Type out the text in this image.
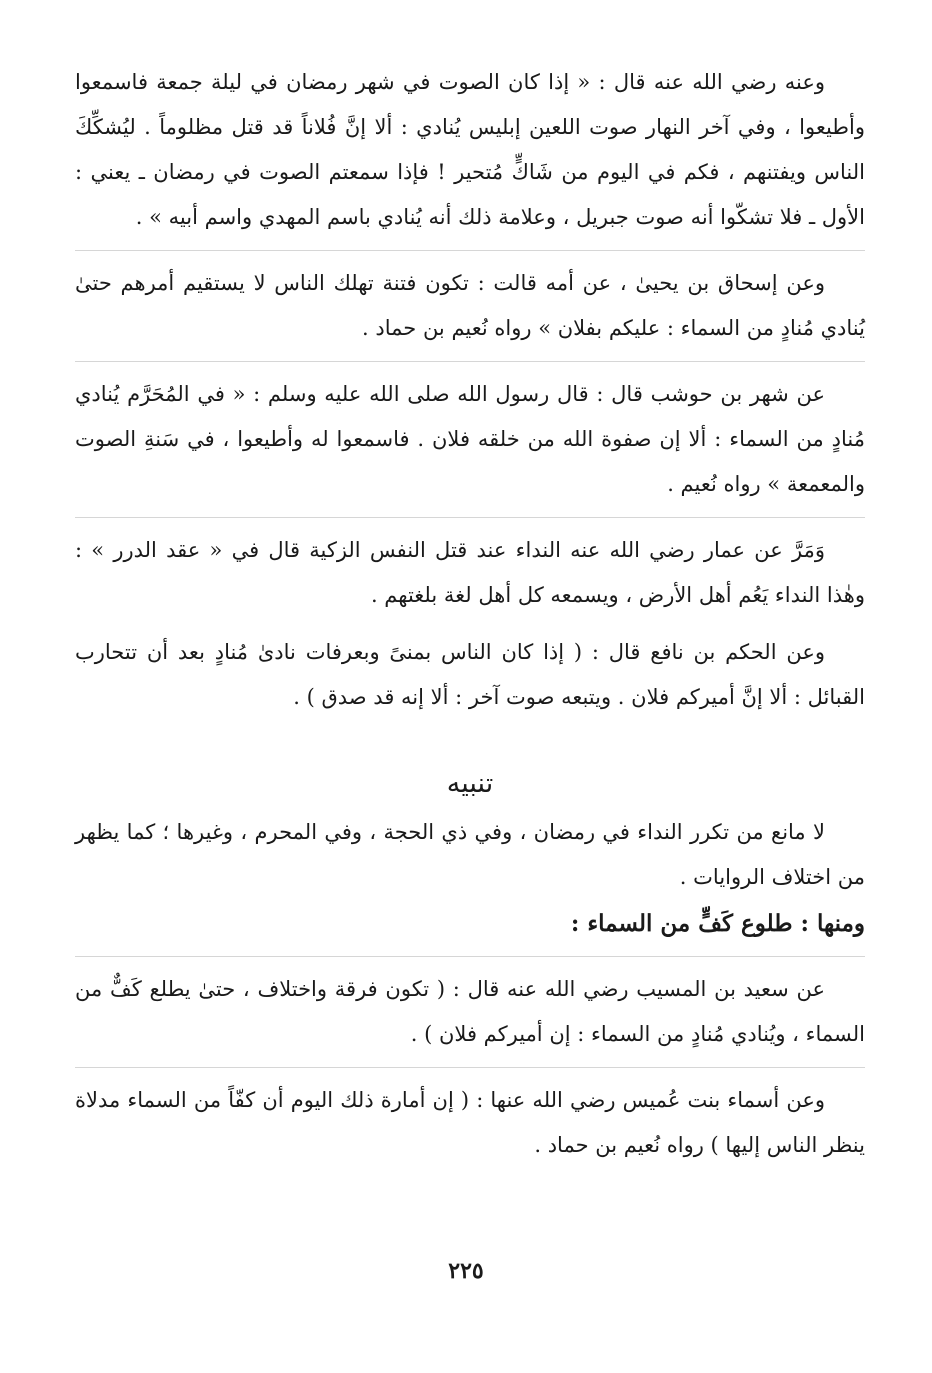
وعنه رضي الله عنه قال : « إذا كان الصوت في شهر رمضان في ليلة جمعة فاسمعوا وأطيعوا ، وفي آخر النهار صوت اللعين إبليس يُنادي : ألا إنَّ فُلاناً قد قتل مظلوماً . ليُشكِّكَ الناس ويفتنهم ، فكم في اليوم من شَاكٍّ مُتحير ! فإذا سمعتم الصوت في رمضان ـ يعني : الأول ـ فلا تشكّوا أنه صوت جبريل ، وعلامة ذلك أنه يُنادي باسم المهدي واسم أبيه » .

وعن إسحاق بن يحيىٰ ، عن أمه قالت : تكون فتنة تهلك الناس لا يستقيم أمرهم حتىٰ يُنادي مُنادٍ من السماء : عليكم بفلان » رواه نُعيم بن حماد .

عن شهر بن حوشب قال : قال رسول الله صلى الله عليه وسلم : « في المُحَرَّم يُنادي مُنادٍ من السماء : ألا إن صفوة الله من خلقه فلان . فاسمعوا له وأطيعوا ، في سَنةِ الصوت والمعمعة » رواه نُعيم .

وَمَرَّ عن عمار رضي الله عنه النداء عند قتل النفس الزكية قال في « عقد الدرر » : وهٰذا النداء يَعُم أهل الأرض ، ويسمعه كل أهل لغة بلغتهم .

وعن الحكم بن نافع قال : ( إذا كان الناس بمنىً وبعرفات نادىٰ مُنادٍ بعد أن تتحارب القبائل : ألا إنَّ أميركم فلان . ويتبعه صوت آخر : ألا إنه قد صدق ) .

تنبيه

لا مانع من تكرر النداء في رمضان ، وفي ذي الحجة ، وفي المحرم ، وغيرها ؛ كما يظهر من اختلاف الروايات .

ومنها : طلوع كَفٍّ من السماء :

عن سعيد بن المسيب رضي الله عنه قال : ( تكون فرقة واختلاف ، حتىٰ يطلع كَفٌّ من السماء ، ويُنادي مُنادٍ من السماء : إن أميركم فلان ) .

وعن أسماء بنت عُميس رضي الله عنها : ( إن أمارة ذلك اليوم أن كفّاً من السماء مدلاة ينظر الناس إليها ) رواه نُعيم بن حماد .

٢٢٥
